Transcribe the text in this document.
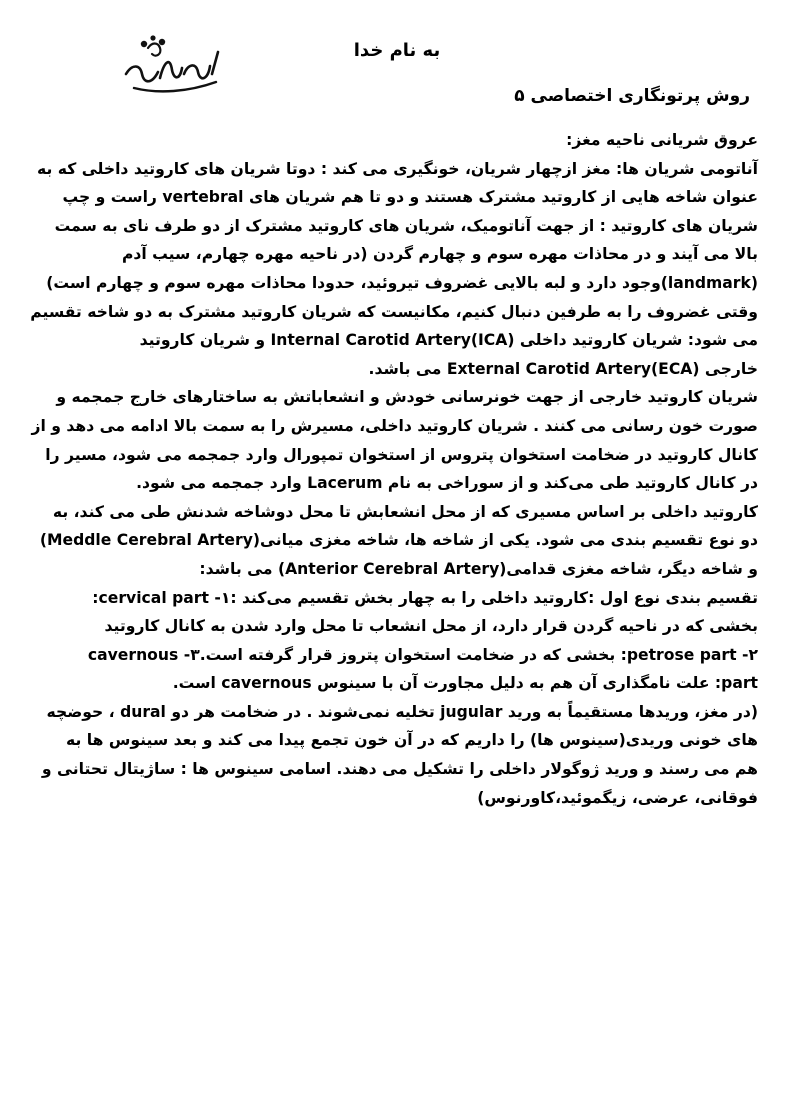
به نام خدا
روش پرتونگاری اختصاصی ۵
عروق شریانی ناحیه مغز:
آناتومی شریان ها: مغز ازچهار شریان، خونگیری می کند : دوتا شریان های کاروتید داخلی که به
عنوان شاخه هایی از کاروتید مشترک هستند و دو تا هم شریان های vertebral راست و چپ
شریان های کاروتید : از جهت آناتومیک، شریان های کاروتید مشترک از دو طرف نای به سمت
بالا می آیند و در محاذات مهره سوم و چهارم گردن (در ناحیه مهره چهارم، سیب آدم
(landmark)وجود دارد و لبه بالایی غضروف تیروئید، حدودا محاذات مهره سوم و چهارم است)
وقتی غضروف را به طرفین دنبال کنیم، مکانیست که شریان کاروتید مشترک به دو شاخه تقسیم
می شود: شریان کاروتید داخلی (Internal Carotid Artery(ICA و شریان کاروتید
خارجی (External Carotid Artery(ECA می باشد.
شریان کاروتید خارجی از جهت خونرسانی خودش و انشعاباتش به ساختارهای خارج جمجمه و
صورت خون رسانی می کنند . شریان کاروتید داخلی، مسیرش را به سمت بالا ادامه می دهد و از
کانال کاروتید در ضخامت استخوان پتروس از استخوان تمپورال وارد جمجمه می شود، مسیر را
در کانال کاروتید طی می‌کند و از سوراخی به نام Lacerum وارد جمجمه می شود.
کاروتید داخلی بر اساس مسیری که از محل انشعابش تا محل دوشاخه شدنش طی می کند، به
دو نوع تقسیم بندی می شود. یکی از شاخه ها، شاخه مغزی میانی(Meddle Cerebral Artery)
و شاخه دیگر، شاخه مغزی قدامی(Anterior Cerebral Artery) می باشد:
تقسیم بندی نوع اول :کاروتید داخلی را به چهار بخش تقسیم می‌کند :۱- cervical part:
بخشی که در ناحیه گردن قرار دارد، از محل انشعاب تا محل وارد شدن به کانال کاروتید
۲- petrose part: بخشی که در ضخامت استخوان پتروز قرار گرفته است.۳- cavernous
part: علت نامگذاری آن هم به دلیل مجاورت آن با سینوس cavernous است.
(در مغز، وریدها مستقیماً به ورید jugular تخلیه نمی‌شوند . در ضخامت هر دو dural ، حوضچه
های خونی وریدی(سینوس ها) را داریم که در آن خون تجمع پیدا می کند و بعد سینوس ها به
هم می رسند و ورید ژوگولار داخلی را تشکیل می دهند. اسامی سینوس ها : ساژیتال تحتانی و
فوقانی، عرضی، زیگموئید،کاورنوس)
